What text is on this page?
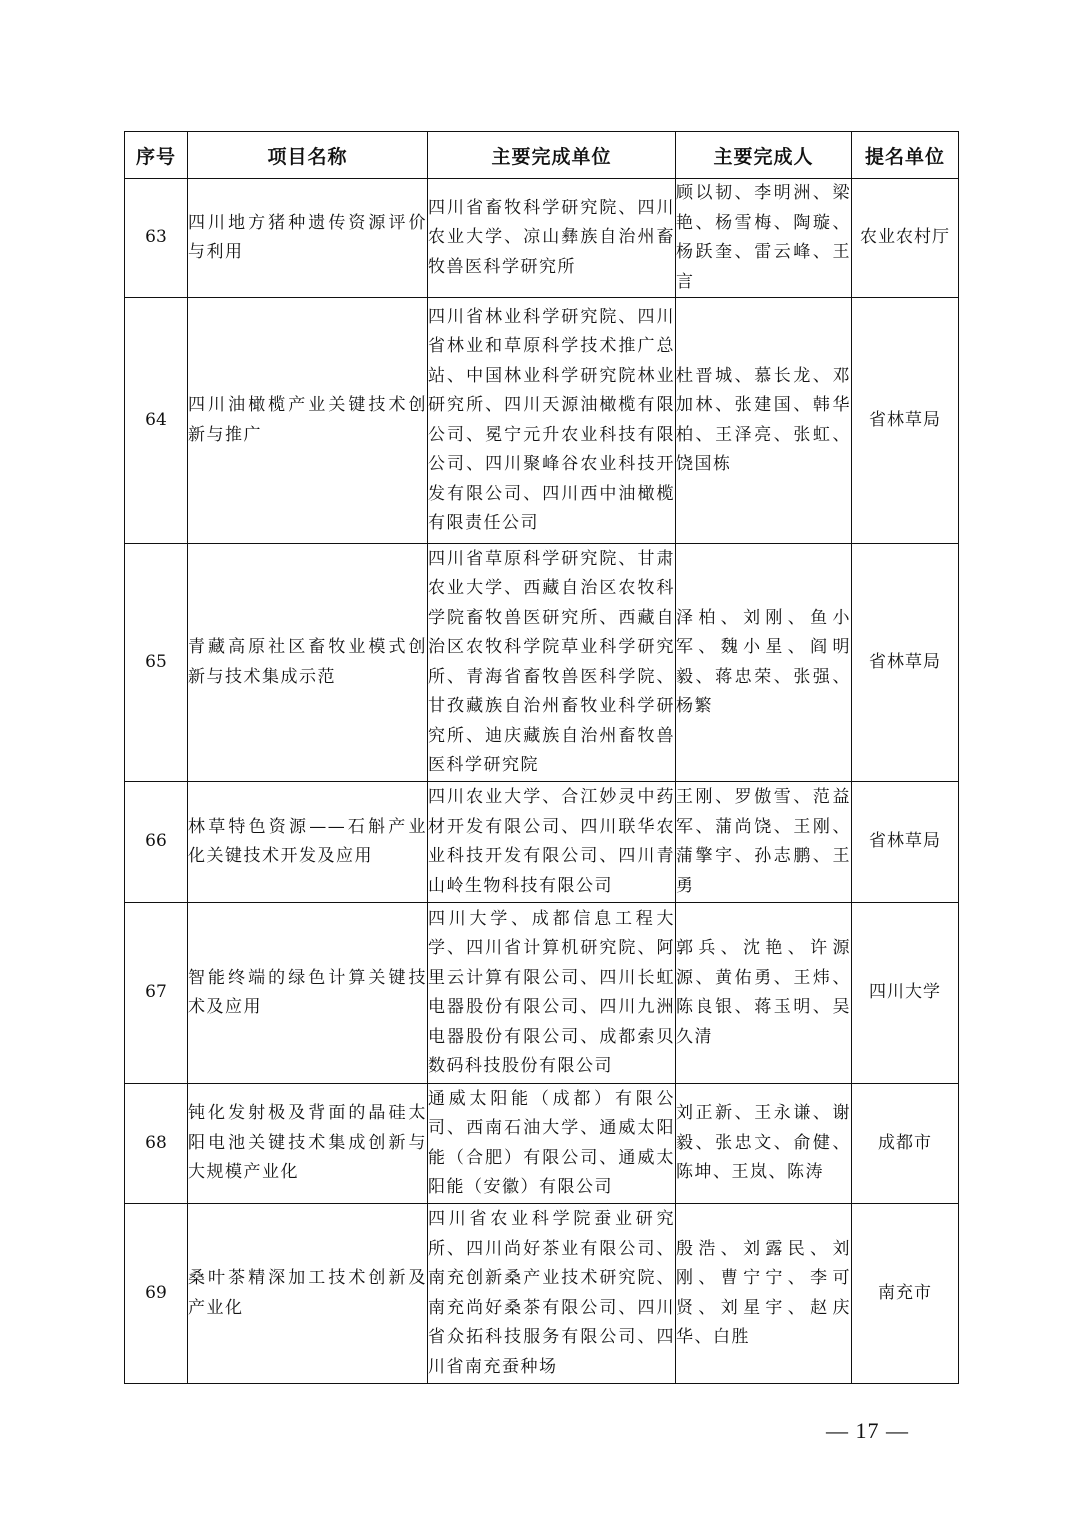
序号	项目名称	主要完成单位	主要完成人	提名单位
63	四川地方猪种遗传资源评价与利用	四川省畜牧科学研究院、四川农业大学、凉山彝族自治州畜牧兽医科学研究所	顾以韧、李明洲、梁艳、杨雪梅、陶璇、杨跃奎、雷云峰、王言	农业农村厅
64	四川油橄榄产业关键技术创新与推广	四川省林业科学研究院、四川省林业和草原科学技术推广总站、中国林业科学研究院林业研究所、四川天源油橄榄有限公司、冕宁元升农业科技有限公司、四川聚峰谷农业科技开发有限公司、四川西中油橄榄有限责任公司	杜晋城、慕长龙、邓加林、张建国、韩华柏、王泽亮、张虹、饶国栋	省林草局
65	青藏高原社区畜牧业模式创新与技术集成示范	四川省草原科学研究院、甘肃农业大学、西藏自治区农牧科学院畜牧兽医研究所、西藏自治区农牧科学院草业科学研究所、青海省畜牧兽医科学院、甘孜藏族自治州畜牧业科学研究所、迪庆藏族自治州畜牧兽医科学研究院	泽柏、刘刚、鱼小军、魏小星、阎明毅、蒋忠荣、张强、杨繁	省林草局
66	林草特色资源——石斛产业化关键技术开发及应用	四川农业大学、合江妙灵中药材开发有限公司、四川联华农业科技开发有限公司、四川青山岭生物科技有限公司	王刚、罗傲雪、范益军、蒲尚饶、王刚、蒲擎宇、孙志鹏、王勇	省林草局
67	智能终端的绿色计算关键技术及应用	四川大学、成都信息工程大学、四川省计算机研究院、阿里云计算有限公司、四川长虹电器股份有限公司、四川九洲电器股份有限公司、成都索贝数码科技股份有限公司	郭兵、沈艳、许源源、黄佑勇、王炜、陈良银、蒋玉明、吴久清	四川大学
68	钝化发射极及背面的晶硅太阳电池关键技术集成创新与大规模产业化	通威太阳能（成都）有限公司、西南石油大学、通威太阳能（合肥）有限公司、通威太阳能（安徽）有限公司	刘正新、王永谦、谢毅、张忠文、俞健、陈坤、王岚、陈涛	成都市
69	桑叶茶精深加工技术创新及产业化	四川省农业科学院蚕业研究所、四川尚好茶业有限公司、南充创新桑产业技术研究院、南充尚好桑茶有限公司、四川省众拓科技服务有限公司、四川省南充蚕种场	殷浩、刘露民、刘刚、曹宁宁、李可贤、刘星宇、赵庆华、白胜	南充市
— 17 —
